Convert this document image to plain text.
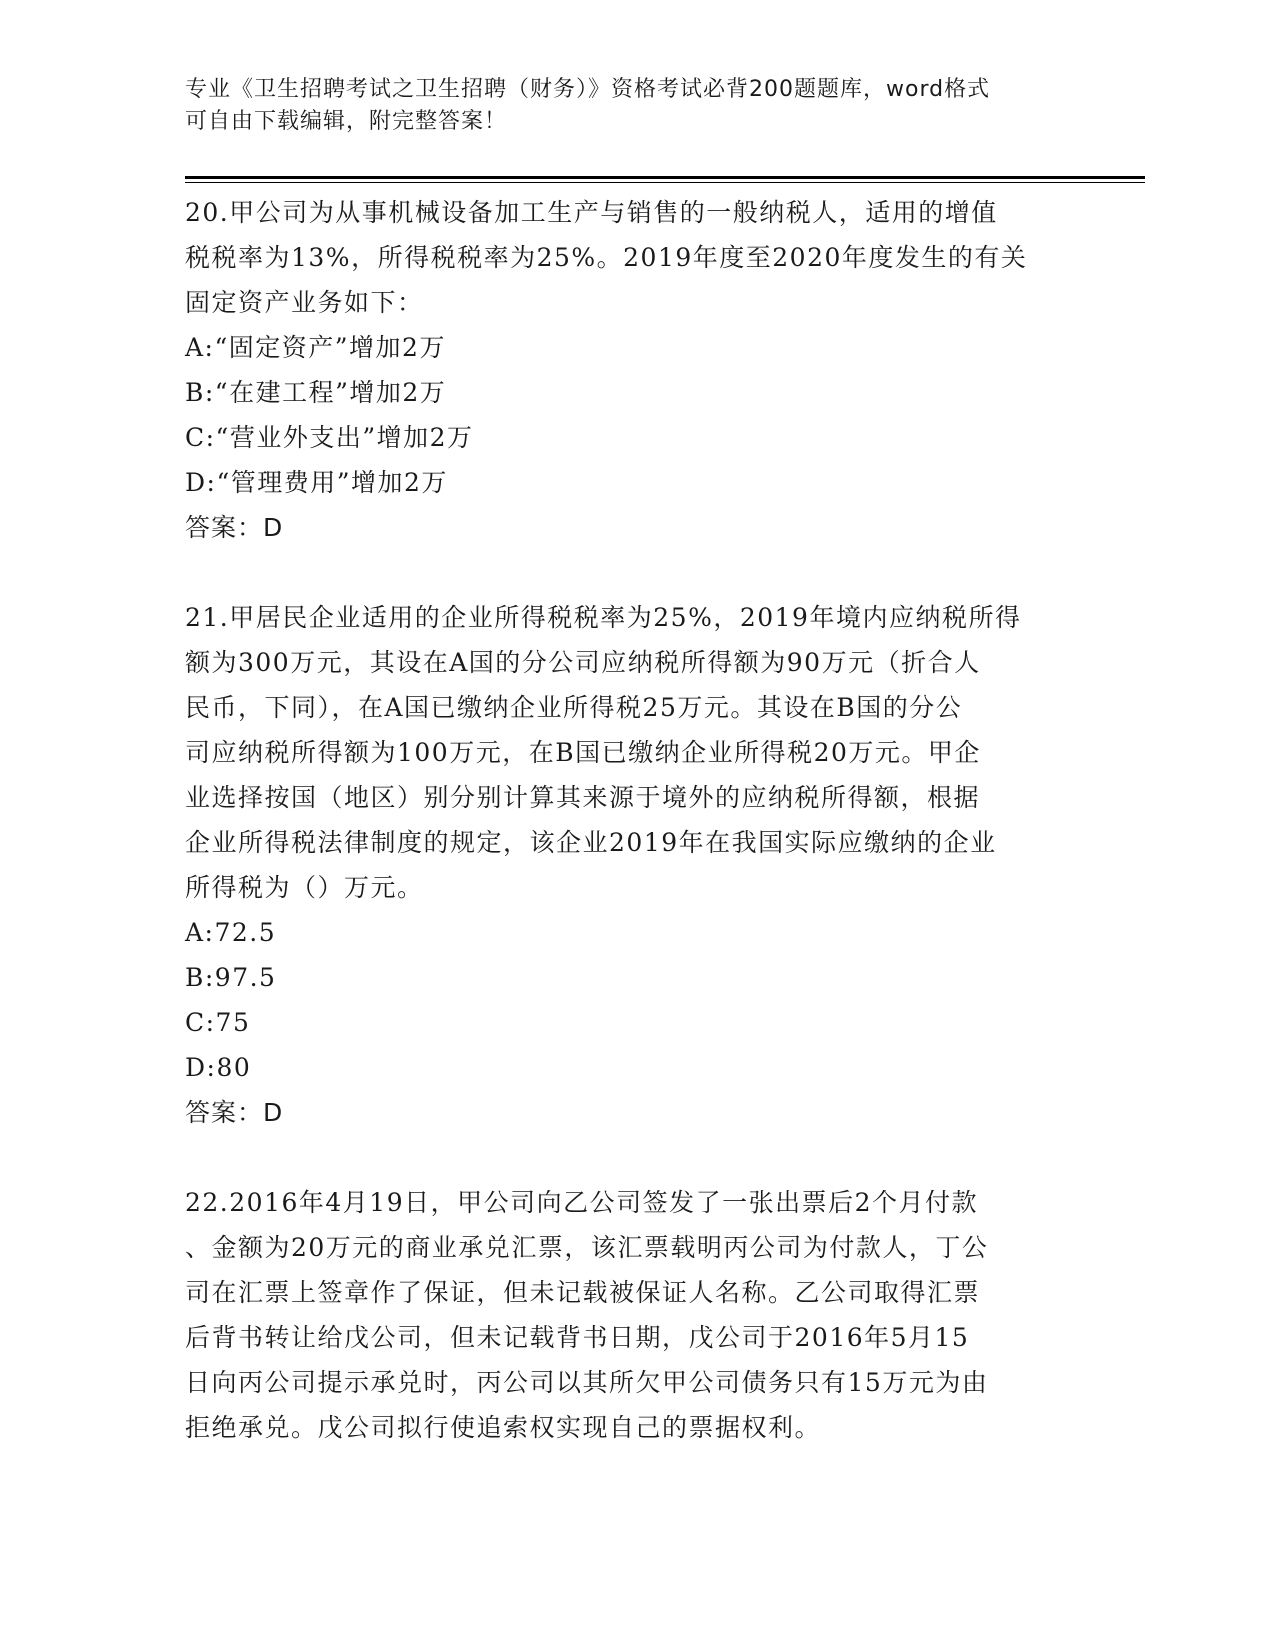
专业《卫生招聘考试之卫生招聘（财务）》资格考试必背200题题库，word格式
可自由下载编辑，附完整答案！
20.甲公司为从事机械设备加工生产与销售的一般纳税人，适用的增值
税税率为13%，所得税税率为25%。2019年度至2020年度发生的有关
固定资产业务如下：
A:“固定资产”增加2万
B:“在建工程”增加2万
C:“营业外支出”增加2万
D:“管理费用”增加2万
答案：D
21.甲居民企业适用的企业所得税税率为25%，2019年境内应纳税所得
额为300万元，其设在A国的分公司应纳税所得额为90万元（折合人
民币，下同），在A国已缴纳企业所得税25万元。其设在B国的分公
司应纳税所得额为100万元，在B国已缴纳企业所得税20万元。甲企
业选择按国（地区）别分别计算其来源于境外的应纳税所得额，根据
企业所得税法律制度的规定，该企业2019年在我国实际应缴纳的企业
所得税为（）万元。
A:72.5
B:97.5
C:75
D:80
答案：D
22.2016年4月19日，甲公司向乙公司签发了一张出票后2个月付款
、金额为20万元的商业承兑汇票，该汇票载明丙公司为付款人，丁公
司在汇票上签章作了保证，但未记载被保证人名称。乙公司取得汇票
后背书转让给戊公司，但未记载背书日期，戊公司于2016年5月15
日向丙公司提示承兑时，丙公司以其所欠甲公司债务只有15万元为由
拒绝承兑。戊公司拟行使追索权实现自己的票据权利。
